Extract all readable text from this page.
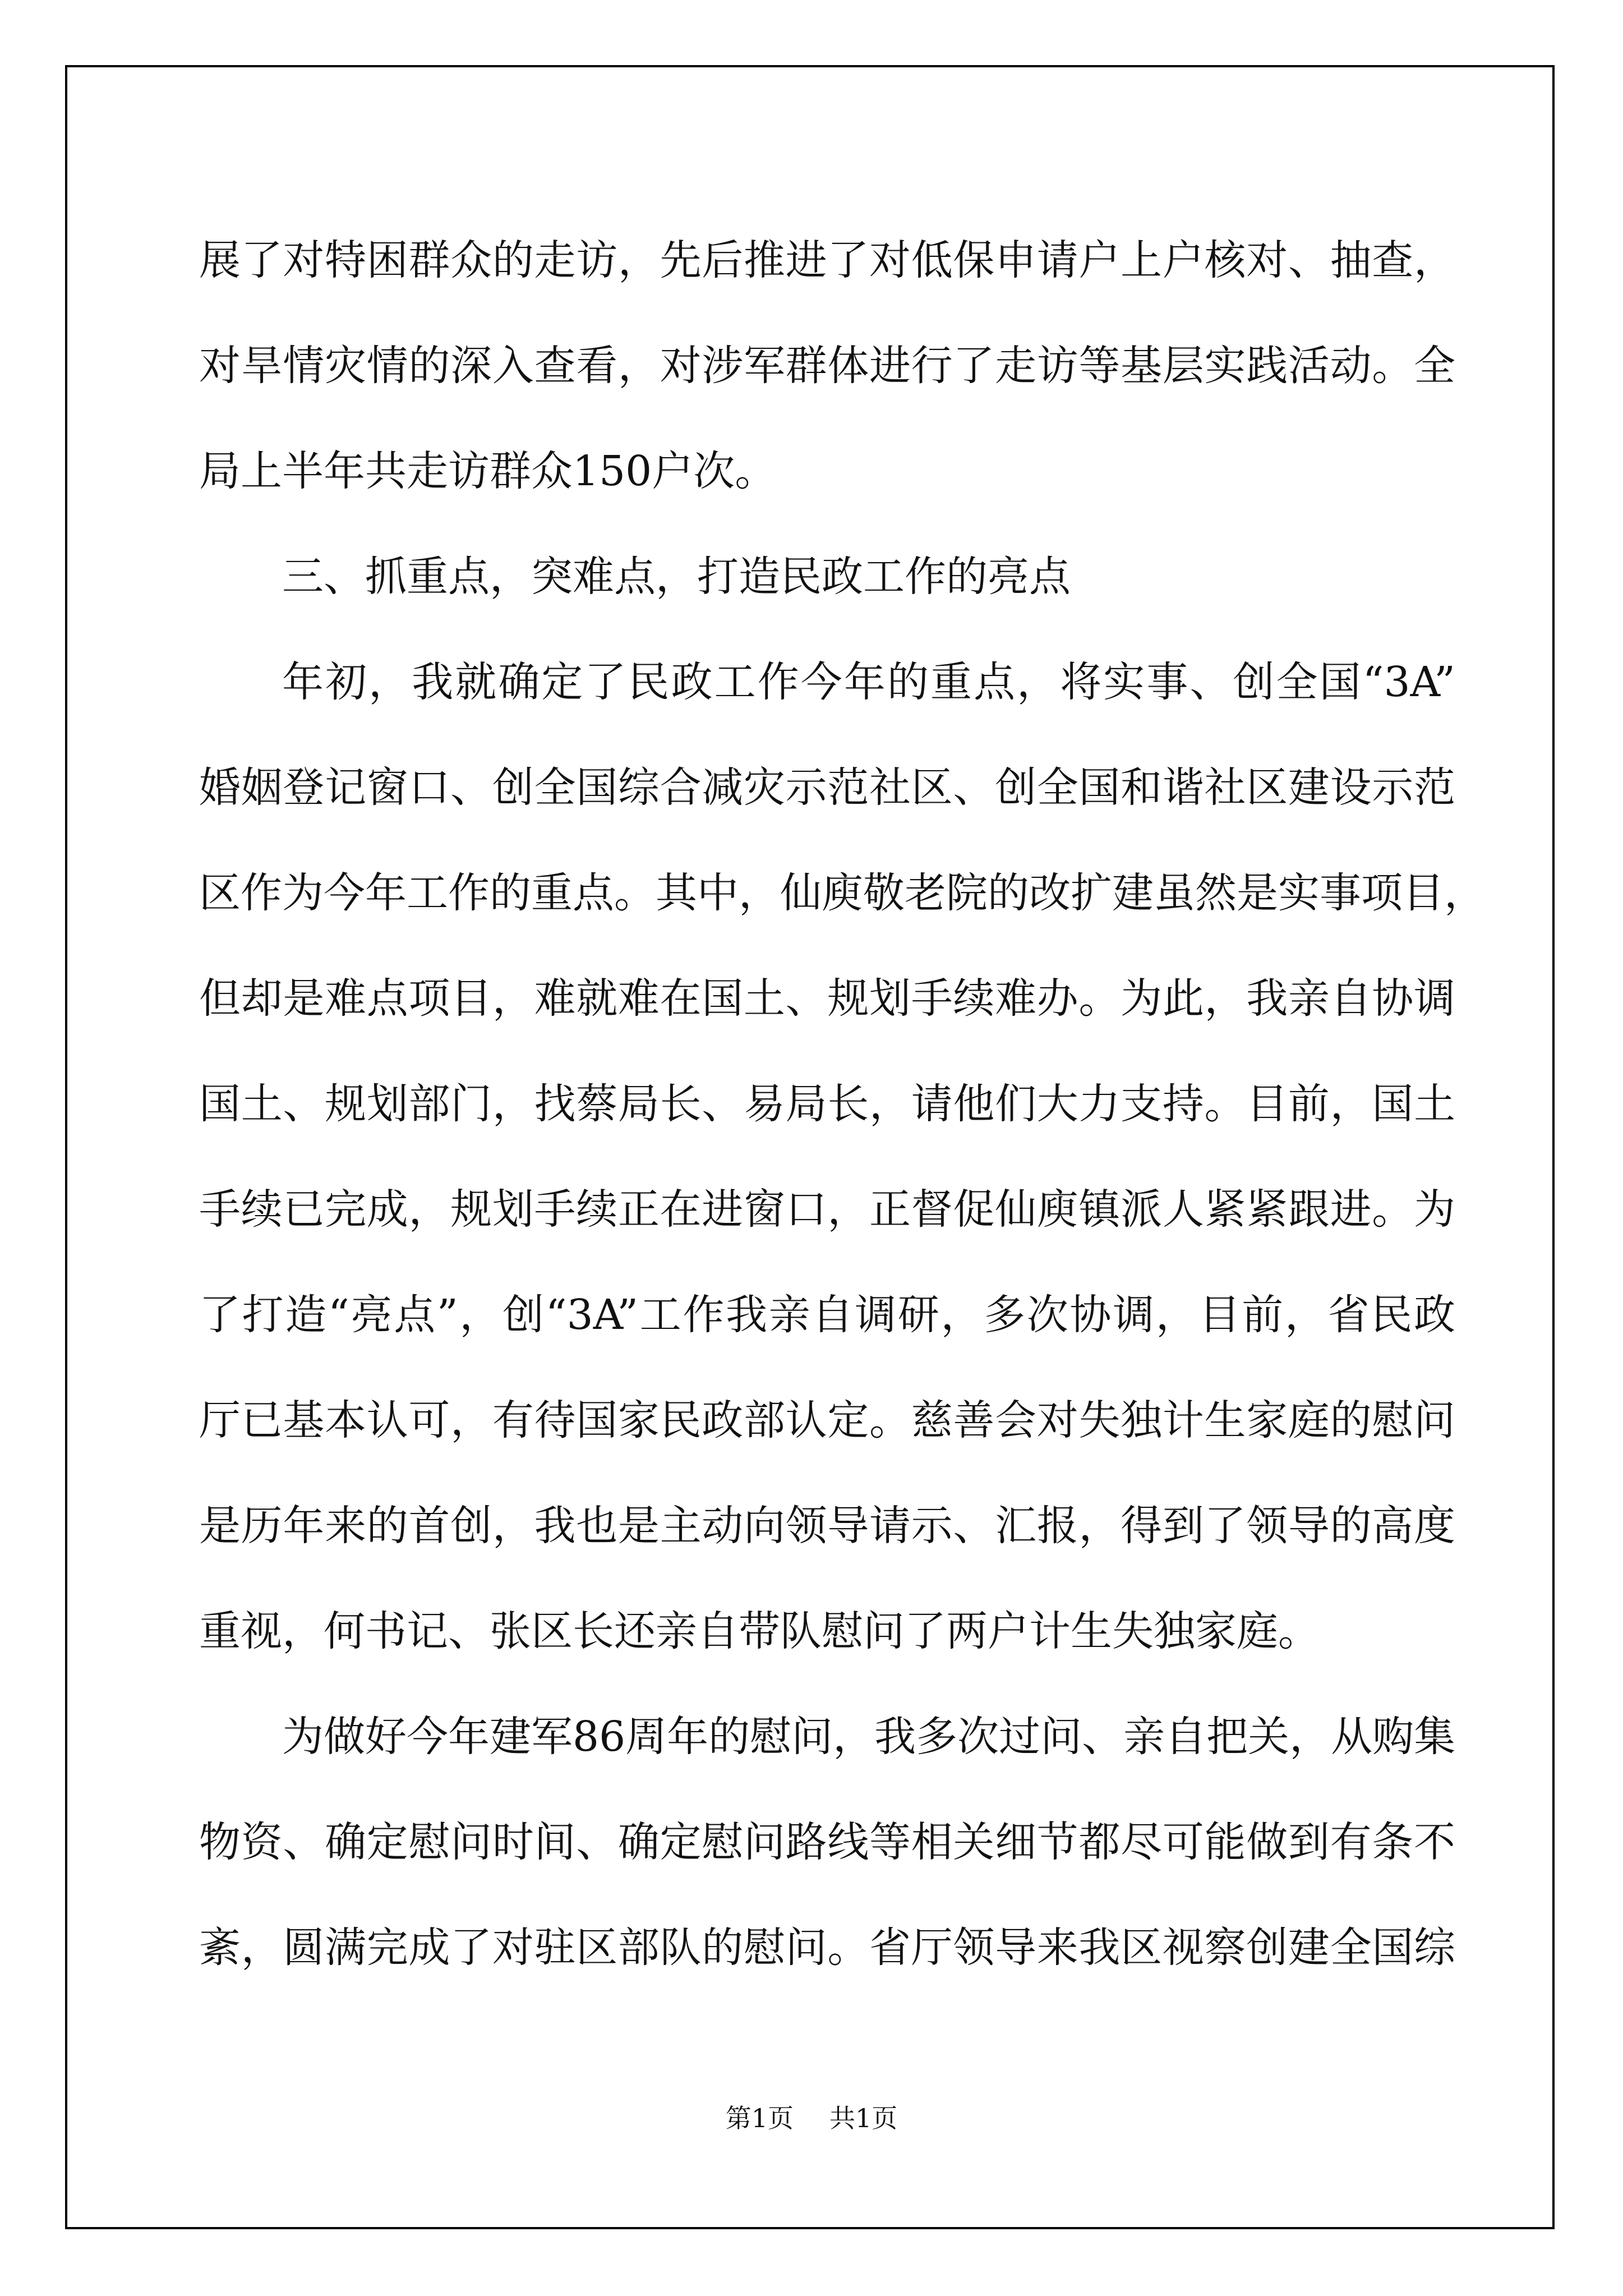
展了对特困群众的走访，先后推进了对低保申请户上户核对、抽查，
对旱情灾情的深入查看，对涉军群体进行了走访等基层实践活动。全
局上半年共走访群众150户次。
三、抓重点，突难点，打造民政工作的亮点
年初，我就确定了民政工作今年的重点，将实事、创全国“3A”
婚姻登记窗口、创全国综合减灾示范社区、创全国和谐社区建设示范
区作为今年工作的重点。其中，仙庾敬老院的改扩建虽然是实事项目，
但却是难点项目，难就难在国土、规划手续难办。为此，我亲自协调
国土、规划部门，找蔡局长、易局长，请他们大力支持。目前，国土
手续已完成，规划手续正在进窗口，正督促仙庾镇派人紧紧跟进。为
了打造“亮点”，创“3A”工作我亲自调研，多次协调，目前，省民政
厅已基本认可，有待国家民政部认定。慈善会对失独计生家庭的慰问
是历年来的首创，我也是主动向领导请示、汇报，得到了领导的高度
重视，何书记、张区长还亲自带队慰问了两户计生失独家庭。
为做好今年建军86周年的慰问，我多次过问、亲自把关，从购集
物资、确定慰问时间、确定慰问路线等相关细节都尽可能做到有条不
紊，圆满完成了对驻区部队的慰问。省厅领导来我区视察创建全国综
第1页 共1页
